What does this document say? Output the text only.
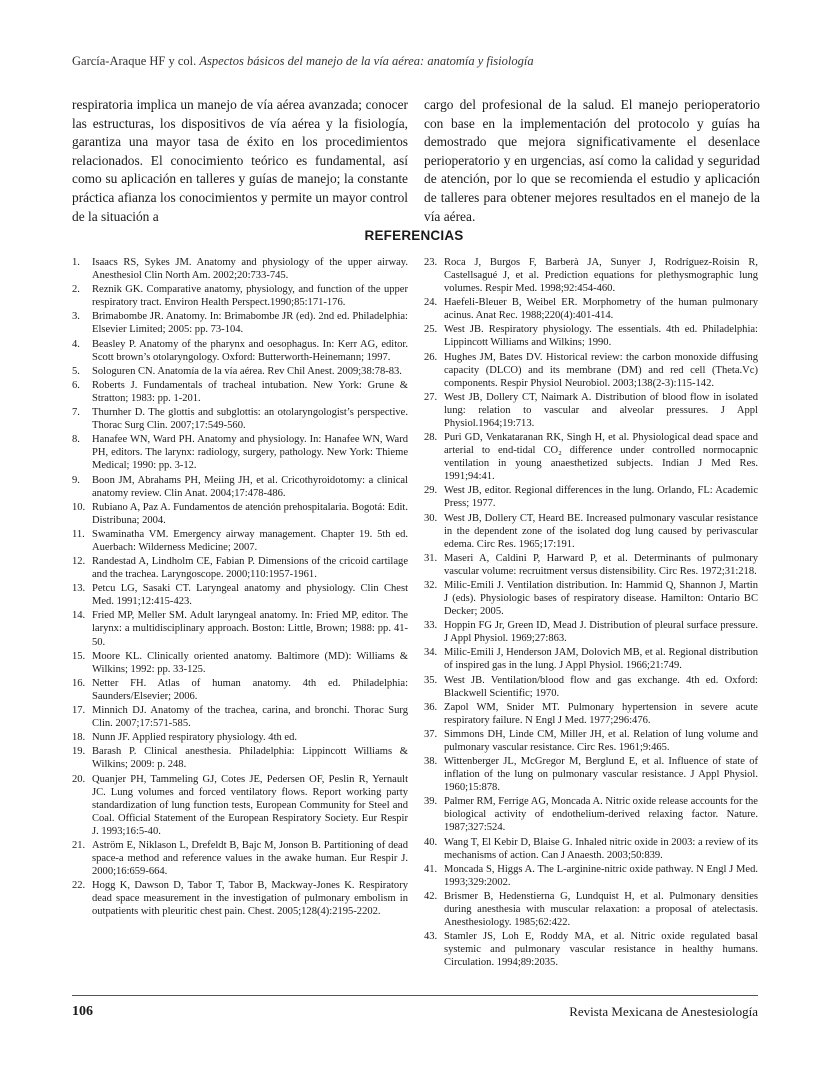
García-Araque HF y col. Aspectos básicos del manejo de la vía aérea: anatomía y fisiología
respiratoria implica un manejo de vía aérea avanzada; conocer las estructuras, los dispositivos de vía aérea y la fisiología, garantiza una mayor tasa de éxito en los procedimientos relacionados. El conocimiento teórico es fundamental, así como su aplicación en talleres y guías de manejo; la constante práctica afianza los conocimientos y permite un mayor control de la situación a
cargo del profesional de la salud. El manejo perioperatorio con base en la implementación del protocolo y guías ha demostrado que mejora significativamente el desenlace perioperatorio y en urgencias, así como la calidad y seguridad de atención, por lo que se recomienda el estudio y aplicación de talleres para obtener mejores resultados en el manejo de la vía aérea.
REFERENCIAS
1.	Isaacs RS, Sykes JM. Anatomy and physiology of the upper airway. Anesthesiol Clin North Am. 2002;20:733-745.
2.	Reznik GK. Comparative anatomy, physiology, and function of the upper respiratory tract. Environ Health Perspect.1990;85:171-176.
3.	Brimabombe JR. Anatomy. In: Brimabombe JR (ed). 2nd ed. Philadelphia: Elsevier Limited; 2005: pp. 73-104.
4.	Beasley P. Anatomy of the pharynx and oesophagus. In: Kerr AG, editor. Scott brown’s otolaryngology. Oxford: Butterworth-Heinemann; 1997.
5.	Sologuren CN. Anatomía de la vía aérea. Rev Chil Anest. 2009;38:78-83.
6.	Roberts J. Fundamentals of tracheal intubation. New York: Grune & Stratton; 1983: pp. 1-201.
7.	Thurnher D. The glottis and subglottis: an otolaryngologist’s perspective. Thorac Surg Clin. 2007;17:549-560.
8.	Hanafee WN, Ward PH. Anatomy and physiology. In: Hanafee WN, Ward PH, editors. The larynx: radiology, surgery, pathology. New York: Thieme Medical; 1990: pp. 3-12.
9.	Boon JM, Abrahams PH, Meiing JH, et al. Cricothyroidotomy: a clinical anatomy review. Clin Anat. 2004;17:478-486.
10. Rubiano A, Paz A. Fundamentos de atención prehospitalaria. Bogotá: Edit. Distribuna; 2004.
11. Swaminatha VM. Emergency airway management. Chapter 19. 5th ed. Auerbach: Wilderness Medicine; 2007.
12. Randestad A, Lindholm CE, Fabian P. Dimensions of the cricoid cartilage and the trachea. Laryngoscope. 2000;110:1957-1961.
13. Petcu LG, Sasaki CT. Laryngeal anatomy and physiology. Clin Chest Med. 1991;12:415-423.
14. Fried MP, Meller SM. Adult laryngeal anatomy. In: Fried MP, editor. The larynx: a multidisciplinary approach. Boston: Little, Brown; 1988: pp. 41-50.
15. Moore KL. Clinically oriented anatomy. Baltimore (MD): Williams & Wilkins; 1992: pp. 33-125.
16. Netter FH. Atlas of human anatomy. 4th ed. Philadelphia: Saunders/Elsevier; 2006.
17. Minnich DJ. Anatomy of the trachea, carina, and bronchi. Thorac Surg Clin. 2007;17:571-585.
18. Nunn JF. Applied respiratory physiology. 4th ed.
19. Barash P. Clinical anesthesia. Philadelphia: Lippincott Williams & Wilkins; 2009: p. 248.
20. Quanjer PH, Tammeling GJ, Cotes JE, Pedersen OF, Peslin R, Yernault JC. Lung volumes and forced ventilatory flows. Report working party standardization of lung function tests, European Community for Steel and Coal. Official Statement of the European Respiratory Society. Eur Respir J. 1993;16:5-40.
21. Aström E, Niklason L, Drefeldt B, Bajc M, Jonson B. Partitioning of dead space-a method and reference values in the awake human. Eur Respir J. 2000;16:659-664.
22. Hogg K, Dawson D, Tabor T, Tabor B, Mackway-Jones K. Respiratory dead space measurement in the investigation of pulmonary embolism in outpatients with pleuritic chest pain. Chest. 2005;128(4):2195-2202.
23. Roca J, Burgos F, Barberà JA, Sunyer J, Rodríguez-Roisin R, Castellsagué J, et al. Prediction equations for plethysmographic lung volumes. Respir Med. 1998;92:454-460.
24. Haefeli-Bleuer B, Weibel ER. Morphometry of the human pulmonary acinus. Anat Rec. 1988;220(4):401-414.
25. West JB. Respiratory physiology. The essentials. 4th ed. Philadelphia: Lippincott Williams and Wilkins; 1990.
26. Hughes JM, Bates DV. Historical review: the carbon monoxide diffusing capacity (DLCO) and its membrane (DM) and red cell (Theta.Vc) components. Respir Physiol Neurobiol. 2003;138(2-3):115-142.
27. West JB, Dollery CT, Naimark A. Distribution of blood flow in isolated lung: relation to vascular and alveolar pressures. J Appl Physiol.1964;19:713.
28. Puri GD, Venkataranan RK, Singh H, et al. Physiological dead space and arterial to end-tidal CO₂ difference under controlled normocapnic ventilation in young anaesthetized subjects. Indian J Med Res. 1991;94:41.
29. West JB, editor. Regional differences in the lung. Orlando, FL: Academic Press; 1977.
30. West JB, Dollery CT, Heard BE. Increased pulmonary vascular resistance in the dependent zone of the isolated dog lung caused by perivascular edema. Circ Res. 1965;17:191.
31. Maseri A, Caldini P, Harward P, et al. Determinants of pulmonary vascular volume: recruitment versus distensibility. Circ Res. 1972;31:218.
32. Milic-Emili J. Ventilation distribution. In: Hammid Q, Shannon J, Martin J (eds). Physiologic bases of respiratory disease. Hamilton: Ontario BC Decker; 2005.
33. Hoppin FG Jr, Green ID, Mead J. Distribution of pleural surface pressure. J Appl Physiol. 1969;27:863.
34. Milic-Emili J, Henderson JAM, Dolovich MB, et al. Regional distribution of inspired gas in the lung. J Appl Physiol. 1966;21:749.
35. West JB. Ventilation/blood flow and gas exchange. 4th ed. Oxford: Blackwell Scientific; 1970.
36. Zapol WM, Snider MT. Pulmonary hypertension in severe acute respiratory failure. N Engl J Med. 1977;296:476.
37. Simmons DH, Linde CM, Miller JH, et al. Relation of lung volume and pulmonary vascular resistance. Circ Res. 1961;9:465.
38. Wittenberger JL, McGregor M, Berglund E, et al. Influence of state of inflation of the lung on pulmonary vascular resistance. J Appl Physiol. 1960;15:878.
39. Palmer RM, Ferrige AG, Moncada A. Nitric oxide release accounts for the biological activity of endothelium-derived relaxing factor. Nature. 1987;327:524.
40. Wang T, El Kebir D, Blaise G. Inhaled nitric oxide in 2003: a review of its mechanisms of action. Can J Anaesth. 2003;50:839.
41. Moncada S, Higgs A. The L-arginine-nitric oxide pathway. N Engl J Med. 1993;329:2002.
42. Brismer B, Hedenstierna G, Lundquist H, et al. Pulmonary densities during anesthesia with muscular relaxation: a proposal of atelectasis. Anesthesiology. 1985;62:422.
43. Stamler JS, Loh E, Roddy MA, et al. Nitric oxide regulated basal systemic and pulmonary vascular resistance in healthy humans. Circulation. 1994;89:2035.
106	Revista Mexicana de Anestesiología
